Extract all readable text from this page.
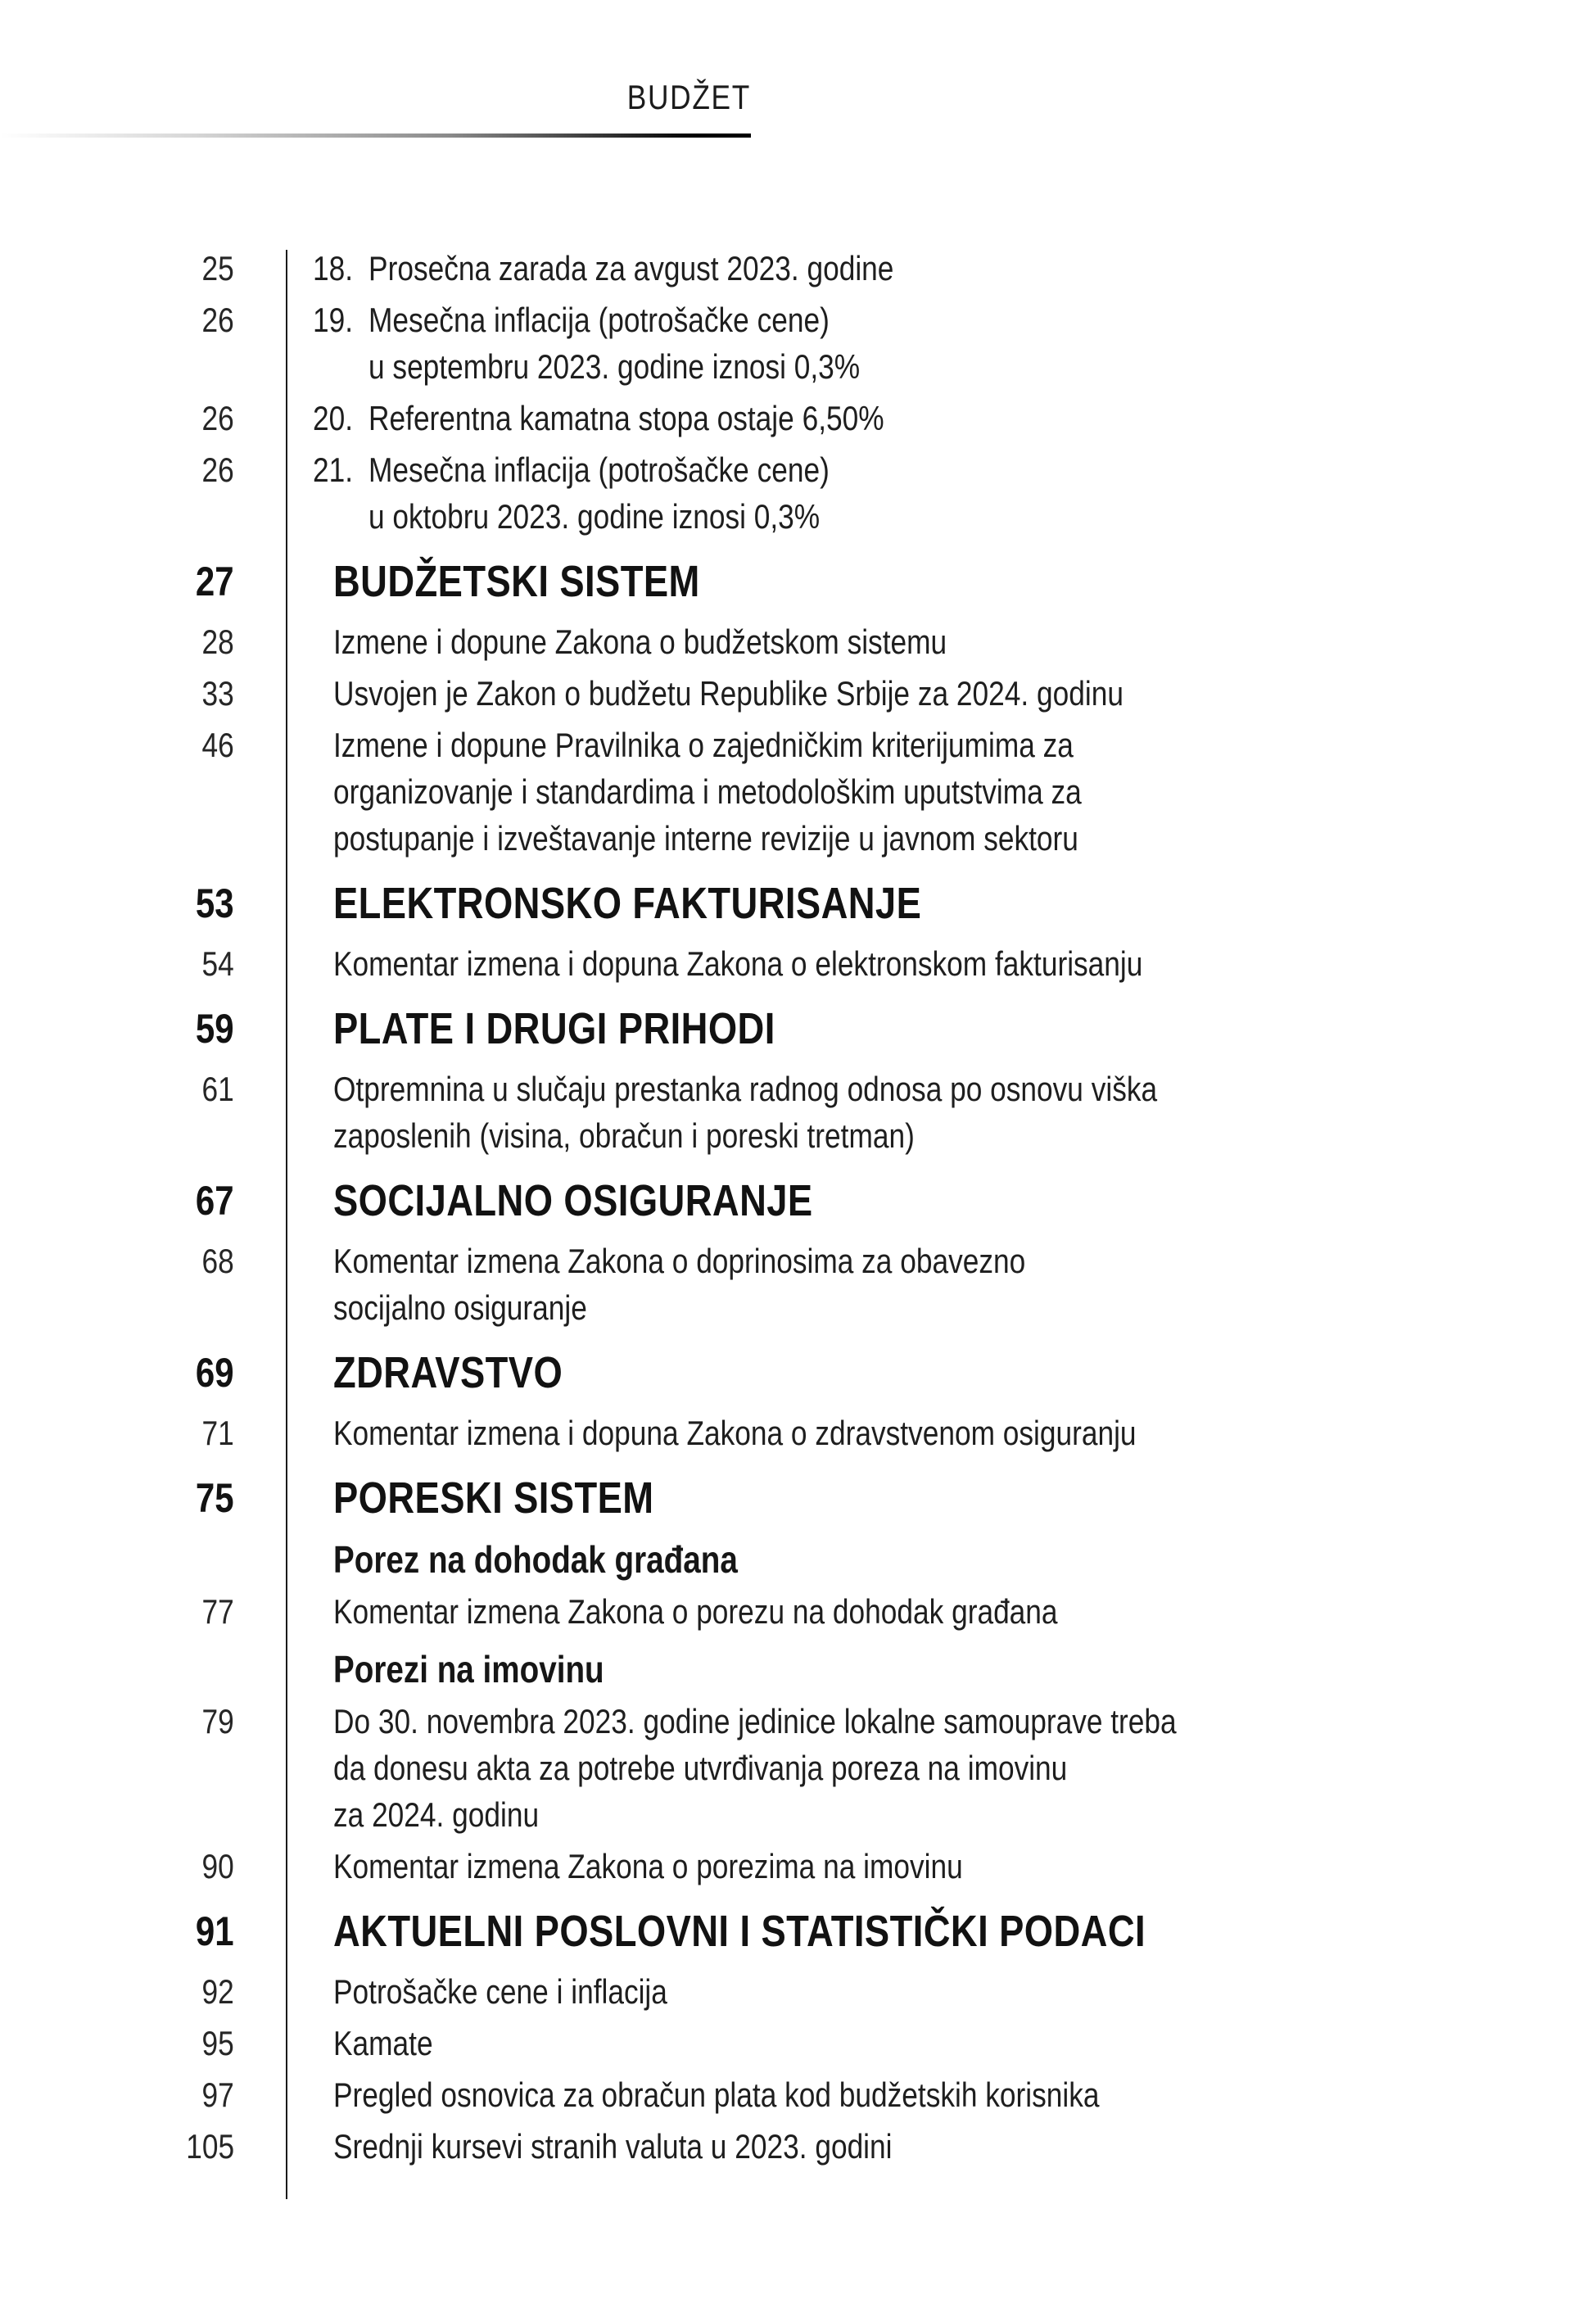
BUDŽET
25 18. Prosečna zarada za avgust 2023. godine
26 19. Mesečna inflacija (potrošačke cene)
u septembru 2023. godine iznosi 0,3%
26 20. Referentna kamatna stopa ostaje 6,50%
26 21. Mesečna inflacija (potrošačke cene)
u oktobru 2023. godine iznosi 0,3%
27 BUDŽETSKI SISTEM
28	Izmene i dopune Zakona o budžetskom sistemu
33	Usvojen je Zakon o budžetu Republike Srbije za 2024. godinu
46	Izmene i dopune Pravilnika o zajedničkim kriterijumima za
organizovanje i standardima i metodološkim uputstvima za
postupanje i izveštavanje interne revizije u javnom sektoru
53 ELEKTRONSKO FAKTURISANJE
54	Komentar izmena i dopuna Zakona o elektronskom fakturisanju
59 PLATE I DRUGI PRIHODI
61	Otpremnina u slučaju prestanka radnog odnosa po osnovu viška
zaposlenih (visina, obračun i poreski tretman)
67 SOCIJALNO OSIGURANJE
68	Komentar izmena Zakona o doprinosima za obavezno
socijalno osiguranje
69 ZDRAVSTVO
71	Komentar izmena i dopuna Zakona o zdravstvenom osiguranju
75 PORESKI SISTEM
Porez na dohodak građana
77	Komentar izmena Zakona o porezu na dohodak građana
Porezi na imovinu
79	Do 30. novembra 2023. godine jedinice lokalne samouprave treba
da donesu akta za potrebe utvrđivanja poreza na imovinu
za 2024. godinu
90	Komentar izmena Zakona o porezima na imovinu
91 AKTUELNI POSLOVNI I STATISTIČKI PODACI
92	Potrošačke cene i inflacija
95	Kamate
97	Pregled osnovica za obračun plata kod budžetskih korisnika
105	Srednji kursevi stranih valuta u 2023. godini
